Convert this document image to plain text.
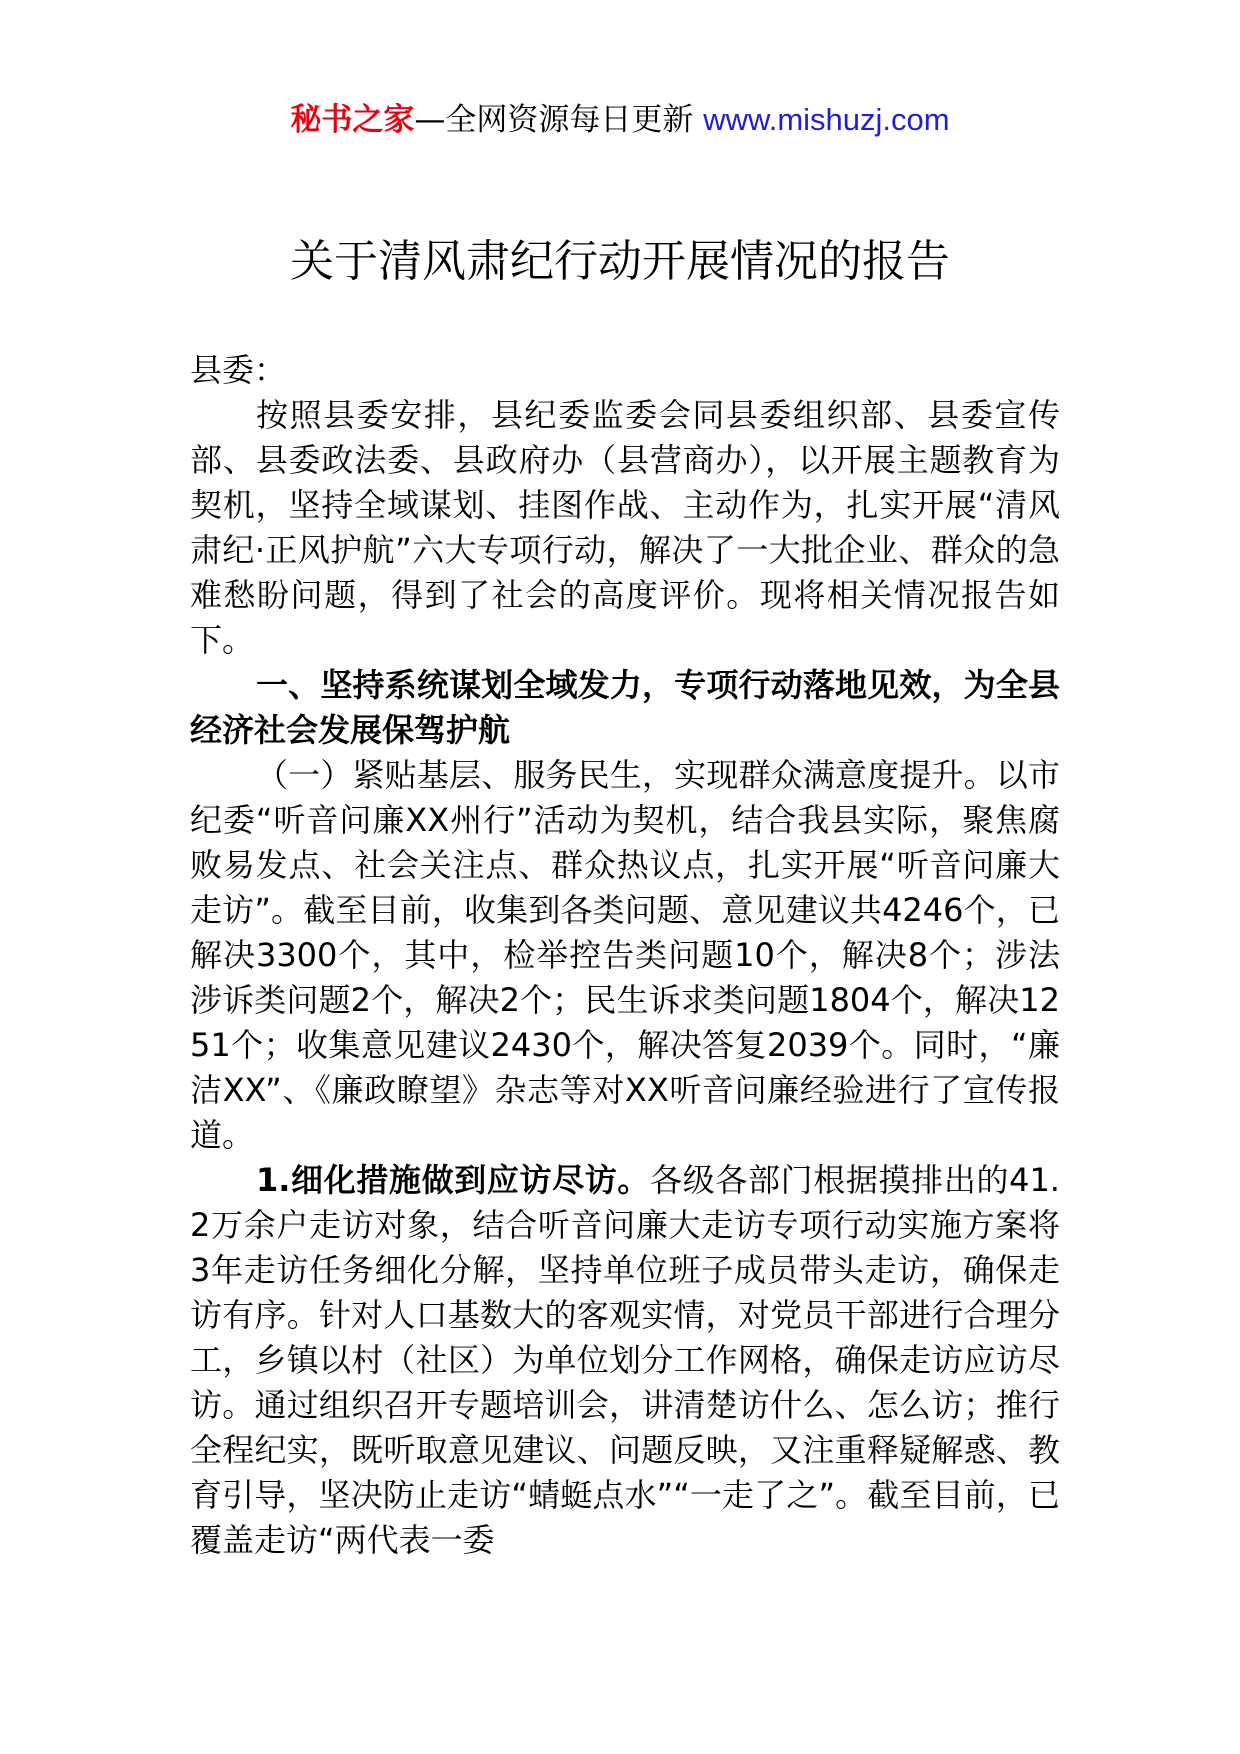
秘书之家—全网资源每日更新 www.mishuzj.com
关于清风肃纪行动开展情况的报告

县委：

按照县委安排，县纪委监委会同县委组织部、县委宣传部、县委政法委、县政府办（县营商办），以开展主题教育为契机，坚持全域谋划、挂图作战、主动作为，扎实开展“清风肃纪·正风护航”六大专项行动，解决了一大批企业、群众的急难愁盼问题，得到了社会的高度评价。现将相关情况报告如下。

一、坚持系统谋划全域发力，专项行动落地见效，为全县经济社会发展保驾护航

（一）紧贴基层、服务民生，实现群众满意度提升。以市纪委“听音问廉XX州行”活动为契机，结合我县实际，聚焦腐败易发点、社会关注点、群众热议点，扎实开展“听音问廉大走访”。截至目前，收集到各类问题、意见建议共4246个，已解决3300个，其中，检举控告类问题10个，解决8个；涉法涉诉类问题2个，解决2个；民生诉求类问题1804个，解决1251个；收集意见建议2430个，解决答复2039个。同时，“廉洁XX”、《廉政瞭望》杂志等对XX听音问廉经验进行了宣传报道。

1.细化措施做到应访尽访。各级各部门根据摸排出的41.2万余户走访对象，结合听音问廉大走访专项行动实施方案将3年走访任务细化分解，坚持单位班子成员带头走访，确保走访有序。针对人口基数大的客观实情，对党员干部进行合理分工，乡镇以村（社区）为单位划分工作网格，确保走访应访尽访。通过组织召开专题培训会，讲清楚访什么、怎么访；推行全程纪实，既听取意见建议、问题反映，又注重释疑解惑、教育引导，坚决防止走访“蜻蜓点水”“一走了之”。截至目前，已覆盖走访“两代表一委
